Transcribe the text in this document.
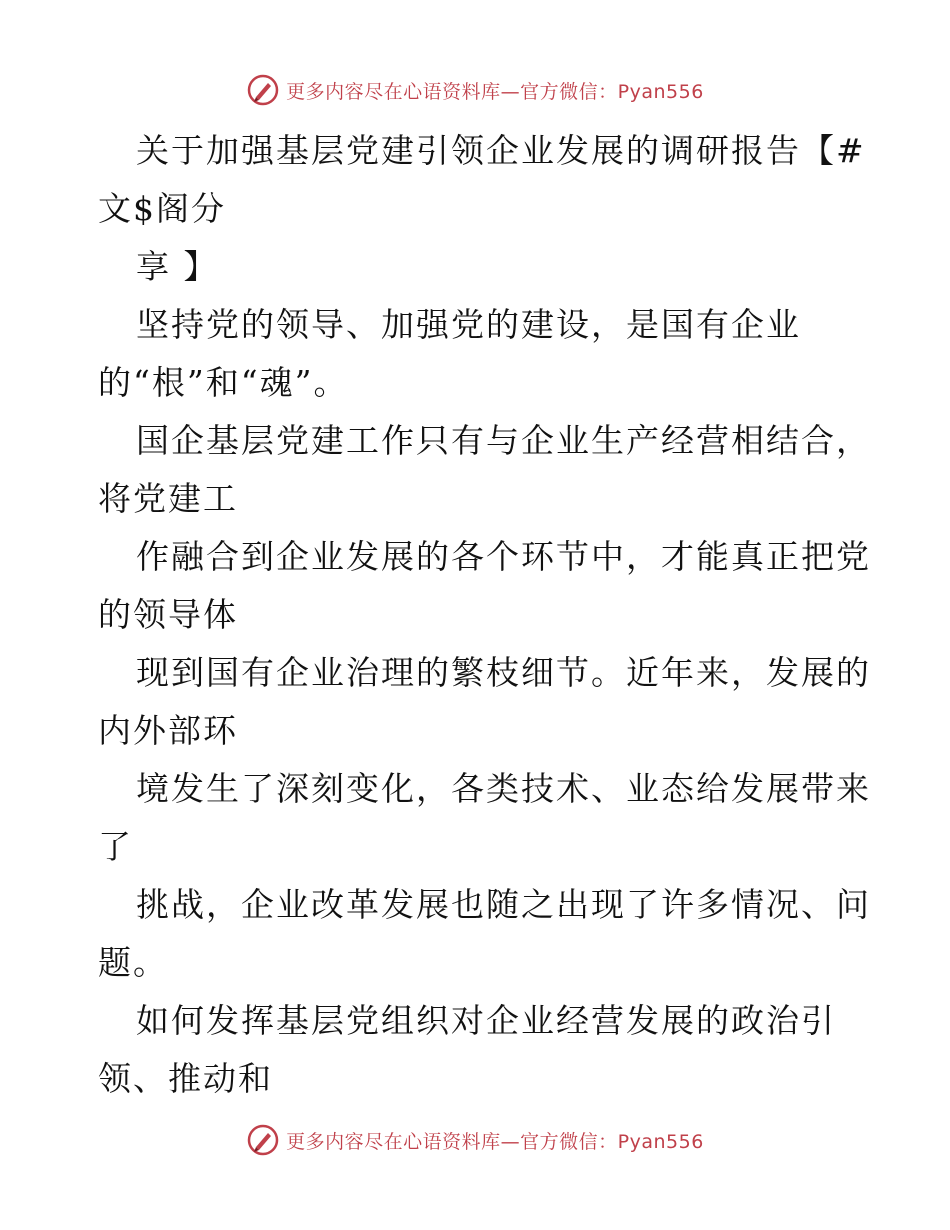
更多内容尽在心语资料库—官方微信：Pyan556
关于加强基层党建引领企业发展的调研报告【#
文$阁分
享 】
坚持党的领导、加强党的建设，是国有企业
的“根”和“魂”。
国企基层党建工作只有与企业生产经营相结合，
将党建工
作融合到企业发展的各个环节中，才能真正把党
的领导体
现到国有企业治理的繁枝细节。近年来，发展的
内外部环
境发生了深刻变化，各类技术、业态给发展带来
了
挑战，企业改革发展也随之出现了许多情况、问
题。
如何发挥基层党组织对企业经营发展的政治引
领、推动和
更多内容尽在心语资料库—官方微信：Pyan556
